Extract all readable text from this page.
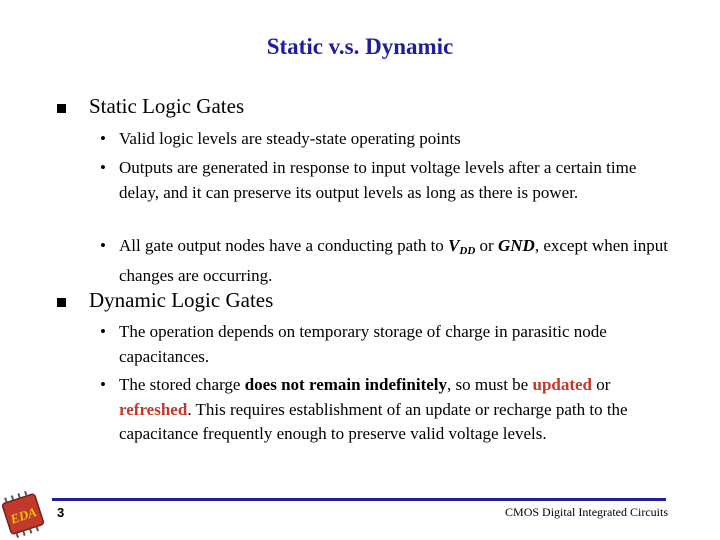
Static v.s. Dynamic
Static Logic Gates
• Valid logic levels are steady-state operating points
• Outputs are generated in response to input voltage levels after a certain time delay, and it can preserve its output levels as long as there is power.
• All gate output nodes have a conducting path to $V_{DD}$ or GND, except when input changes are occurring.
Dynamic Logic Gates
• The operation depends on temporary storage of charge in parasitic node capacitances.
• The stored charge does not remain indefinitely, so must be updated or refreshed. This requires establishment of an update or recharge path to the capacitance frequently enough to preserve valid voltage levels.
EDA 3	CMOS Digital Integrated Circuits
